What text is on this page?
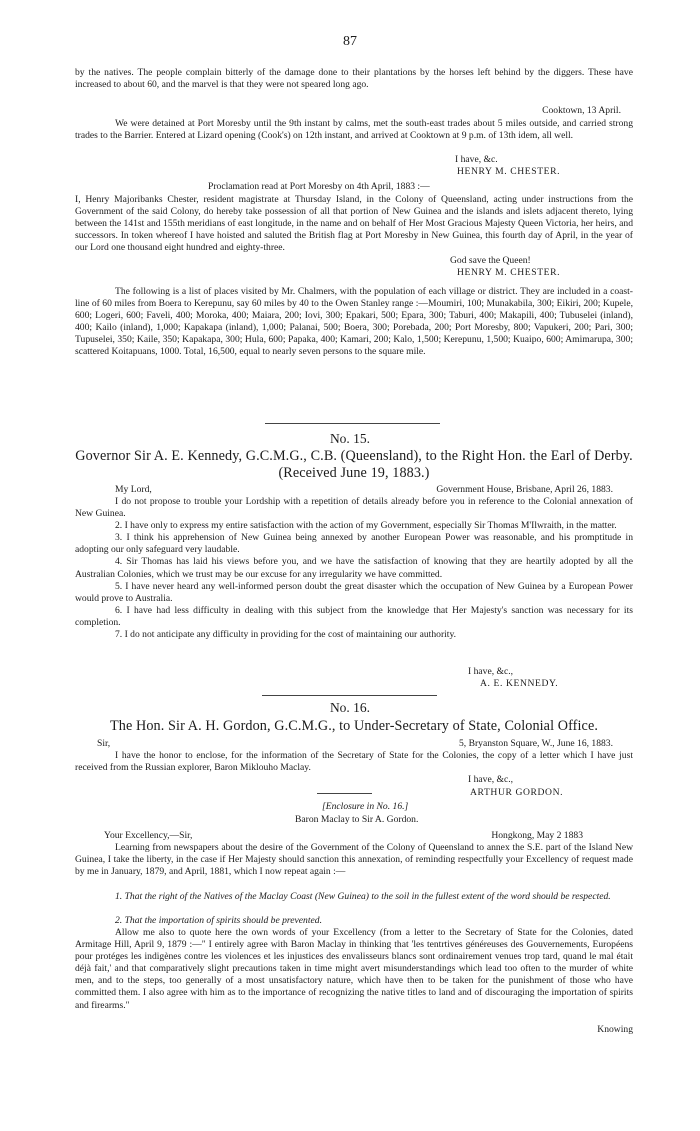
87

by the natives. The people complain bitterly of the damage done to their plantations by the horses left behind by the diggers. These have increased to about 60, and the marvel is that they were not speared long ago.

Cooktown, 13 April.

We were detained at Port Moresby until the 9th instant by calms, met the south-east trades about 5 miles outside, and carried strong trades to the Barrier. Entered at Lizard opening (Cook's) on 12th instant, and arrived at Cooktown at 9 p.m. of 13th idem, all well.

I have, &c.
HENRY M. CHESTER.
Proclamation read at Port Moresby on 4th April, 1883 :—

I, Henry Majoribanks Chester, resident magistrate at Thursday Island, in the Colony of Queensland, acting under instructions from the Government of the said Colony, do hereby take possession of all that portion of New Guinea and the islands and islets adjacent thereto, lying between the 141st and 155th meridians of east longitude, in the name and on behalf of Her Most Gracious Majesty Queen Victoria, her heirs, and successors. In token whereof I have hoisted and saluted the British flag at Port Moresby in New Guinea, this fourth day of April, in the year of our Lord one thousand eight hundred and eighty-three.

God save the Queen!
HENRY M. CHESTER.

The following is a list of places visited by Mr. Chalmers, with the population of each village or district. They are included in a coast-line of 60 miles from Boera to Kerepunu, say 60 miles by 40 to the Owen Stanley range :—Moumiri, 100; Munakabila, 300; Eikiri, 200; Kupele, 600; Logeri, 600; Faveli, 400; Moroka, 400; Maiara, 200; Iovi, 300; Epakari, 500; Epara, 300; Taburi, 400; Makapili, 400; Tubuselei (inland), 400; Kailo (inland), 1,000; Kapakapa (inland), 1,000; Palanai, 500; Boera, 300; Porebada, 200; Port Moresby, 800; Vapukeri, 200; Pari, 300; Tupuselei, 350; Kaile, 350; Kapakapa, 300; Hula, 600; Papaka, 400; Kamari, 200; Kalo, 1,500; Kerepunu, 1,500; Kuaipo, 600; Amimarupa, 300; scattered Koitapuans, 1000. Total, 16,500, equal to nearly seven persons to the square mile.

No. 15.
Governor Sir A. E. Kennedy, G.C.M.G., C.B. (Queensland), to the Right Hon. the Earl of Derby. (Received June 19, 1883.)
My Lord,	Government House, Brisbane, April 26, 1883.
I do not propose to trouble your Lordship with a repetition of details already before you in reference to the Colonial annexation of New Guinea.
2. I have only to express my entire satisfaction with the action of my Government, especially Sir Thomas M'Ilwraith, in the matter.
3. I think his apprehension of New Guinea being annexed by another European Power was reasonable, and his promptitude in adopting our only safeguard very laudable.
4. Sir Thomas has laid his views before you, and we have the satisfaction of knowing that they are heartily adopted by all the Australian Colonies, which we trust may be our excuse for any irregularity we have committed.
5. I have never heard any well-informed person doubt the great disaster which the occupation of New Guinea by a European Power would prove to Australia.
6. I have had less difficulty in dealing with this subject from the knowledge that Her Majesty's sanction was necessary for its completion.
7. I do not anticipate any difficulty in providing for the cost of maintaining our authority.
I have, &c.,
A. E. KENNEDY.
No. 16.
The Hon. Sir A. H. Gordon, G.C.M.G., to Under-Secretary of State, Colonial Office.
Sir,	5, Bryanston Square, W., June 16, 1883.

I have the honor to enclose, for the information of the Secretary of State for the Colonies, the copy of a letter which I have just received from the Russian explorer, Baron Miklouho Maclay.

I have, &c.,
ARTHUR GORDON.
[Enclosure in No. 16.]
Baron Maclay to Sir A. Gordon.
Your Excellency,—Sir,	Hongkong, May 2 1883

Learning from newspapers about the desire of the Government of the Colony of Queensland to annex the S.E. part of the Island New Guinea, I take the liberty, in the case if Her Majesty should sanction this annexation, of reminding respectfully your Excellency of request made by me in January, 1879, and April, 1881, which I now repeat again :—

1. That the right of the Natives of the Maclay Coast (New Guinea) to the soil in the fullest extent of the word should be respected.

2. That the importation of spirits should be prevented.

Allow me also to quote here the own words of your Excellency (from a letter to the Secretary of State for the Colonies, dated Armitage Hill, April 9, 1879 :—" I entirely agree with Baron Maclay in thinking that 'les tentrtives généreuses des Gouvernements, Européens pour protéges les indigènes contre les violences et les injustices des envalisseurs blancs sont ordinairement venues trop tard, quand le mal était déjà fait,' and that comparatively slight precautions taken in time might avert misunderstandings which lead too often to the murder of white men, and to the steps, too generally of a most unsatisfactory nature, which have then to be taken for the punishment of those who have committed them. I also agree with him as to the importance of recognizing the native titles to land and of discouraging the importation of spirits and firearms."

Knowing
